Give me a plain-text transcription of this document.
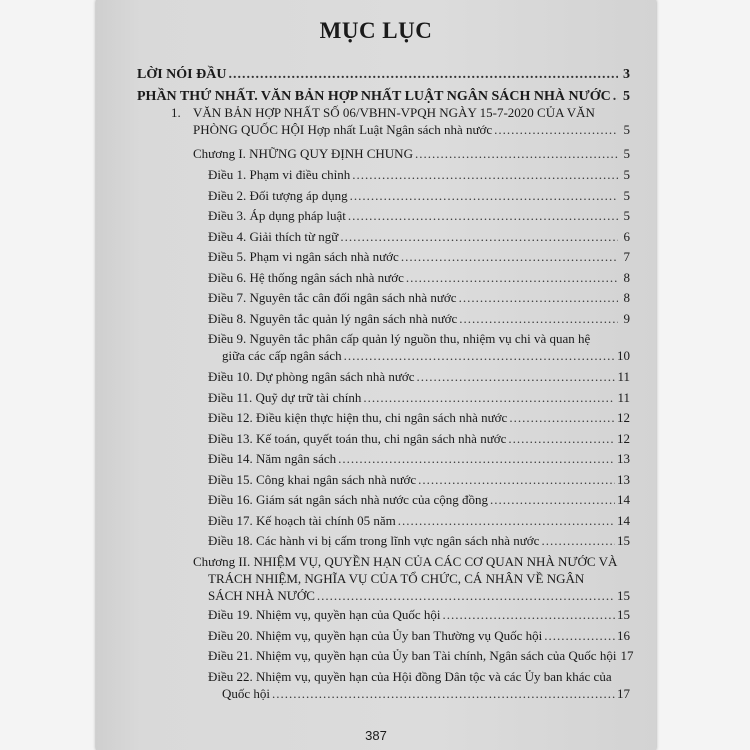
MỤC LỤC
LỜI NÓI ĐẦU .....	3
PHẦN THỨ NHẤT. VĂN BẢN HỢP NHẤT LUẬT NGÂN SÁCH NHÀ NƯỚC ..... 5
1. VĂN BẢN HỢP NHẤT SỐ 06/VBHN-VPQH NGÀY 15-7-2020 CỦA VĂN
PHÒNG QUỐC HỘI Hợp nhất Luật Ngân sách nhà nước .....	5
Chương I. NHỮNG QUY ĐỊNH CHUNG .....	5
Điều 1. Phạm vi điều chỉnh .....	5
Điều 2. Đối tượng áp dụng .....	5
Điều 3. Áp dụng pháp luật .....	5
Điều 4. Giải thích từ ngữ .....	6
Điều 5. Phạm vi ngân sách nhà nước .....	7
Điều 6. Hệ thống ngân sách nhà nước .....	8
Điều 7. Nguyên tắc cân đối ngân sách nhà nước .....	8
Điều 8. Nguyên tắc quản lý ngân sách nhà nước .....	9
Điều 9. Nguyên tắc phân cấp quản lý nguồn thu, nhiệm vụ chi và quan hệ
giữa các cấp ngân sách .....	10
Điều 10. Dự phòng ngân sách nhà nước .....	11
Điều 11. Quỹ dự trữ tài chính .....	11
Điều 12. Điều kiện thực hiện thu, chi ngân sách nhà nước .....	12
Điều 13. Kế toán, quyết toán thu, chi ngân sách nhà nước .....	12
Điều 14. Năm ngân sách .....	13
Điều 15. Công khai ngân sách nhà nước .....	13
Điều 16. Giám sát ngân sách nhà nước của cộng đồng .....	14
Điều 17. Kế hoạch tài chính 05 năm .....	14
Điều 18. Các hành vi bị cấm trong lĩnh vực ngân sách nhà nước .....	15
Chương II. NHIỆM VỤ, QUYỀN HẠN CỦA CÁC CƠ QUAN NHÀ NƯỚC VÀ
TRÁCH NHIỆM, NGHĨA VỤ CỦA TỔ CHỨC, CÁ NHÂN VỀ NGÂN
SÁCH NHÀ NƯỚC .....	15
Điều 19. Nhiệm vụ, quyền hạn của Quốc hội .....	15
Điều 20. Nhiệm vụ, quyền hạn của Ủy ban Thường vụ Quốc hội .....	16
Điều 21. Nhiệm vụ, quyền hạn của Ủy ban Tài chính, Ngân sách của Quốc hội 17
Điều 22. Nhiệm vụ, quyền hạn của Hội đồng Dân tộc và các Ủy ban khác của
Quốc hội .....	17
387
